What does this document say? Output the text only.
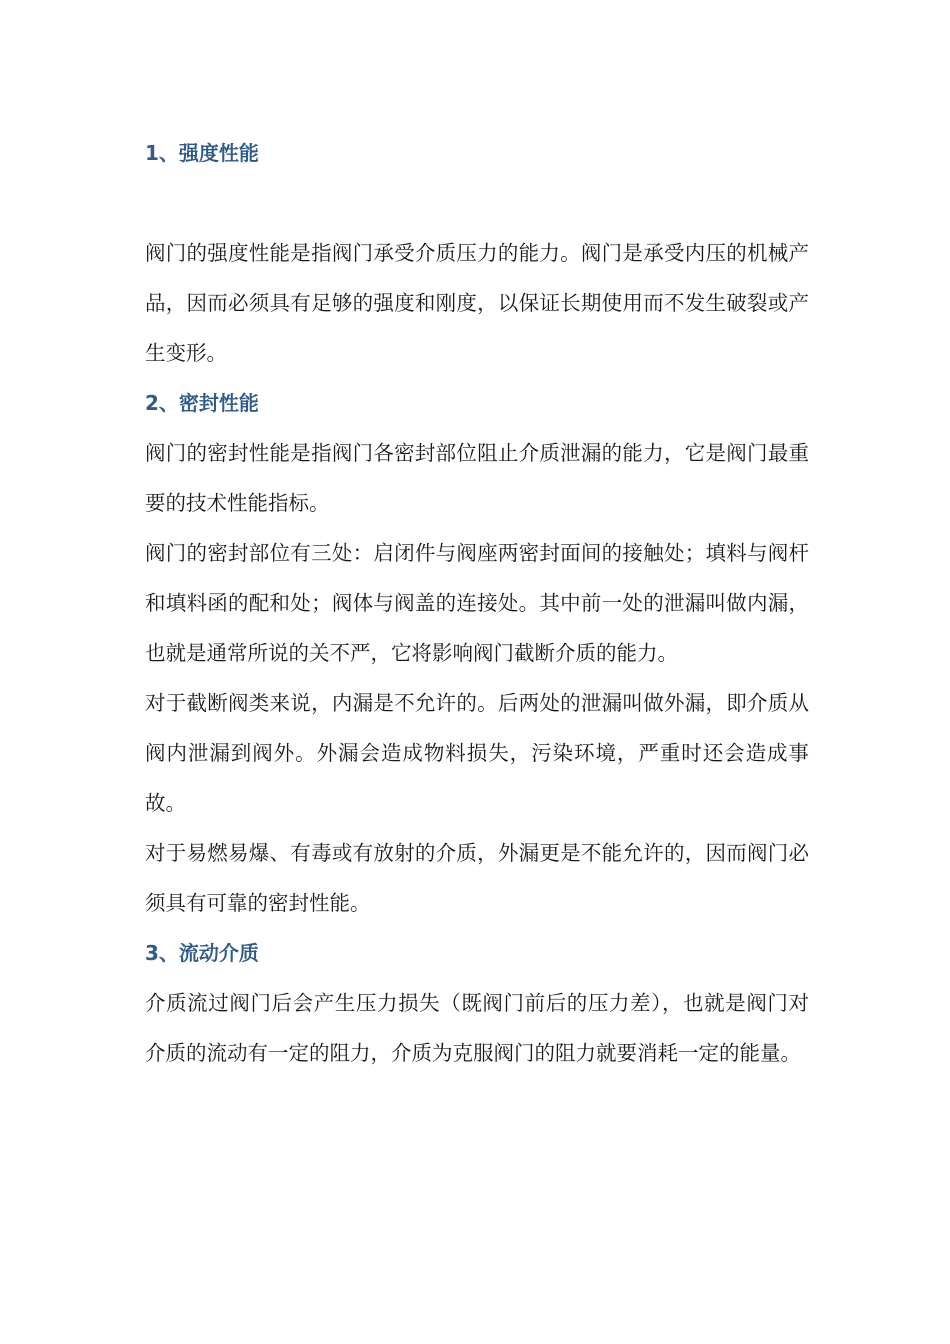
1、强度性能

阀门的强度性能是指阀门承受介质压力的能力。阀门是承受内压的机械产品，因而必须具有足够的强度和刚度，以保证长期使用而不发生破裂或产生变形。

2、密封性能

阀门的密封性能是指阀门各密封部位阻止介质泄漏的能力，它是阀门最重要的技术性能指标。

阀门的密封部位有三处：启闭件与阀座两密封面间的接触处；填料与阀杆和填料函的配和处；阀体与阀盖的连接处。其中前一处的泄漏叫做内漏，也就是通常所说的关不严，它将影响阀门截断介质的能力。

对于截断阀类来说，内漏是不允许的。后两处的泄漏叫做外漏，即介质从阀内泄漏到阀外。外漏会造成物料损失，污染环境，严重时还会造成事故。

对于易燃易爆、有毒或有放射的介质，外漏更是不能允许的，因而阀门必须具有可靠的密封性能。

3、流动介质

介质流过阀门后会产生压力损失（既阀门前后的压力差），也就是阀门对介质的流动有一定的阻力，介质为克服阀门的阻力就要消耗一定的能量。
